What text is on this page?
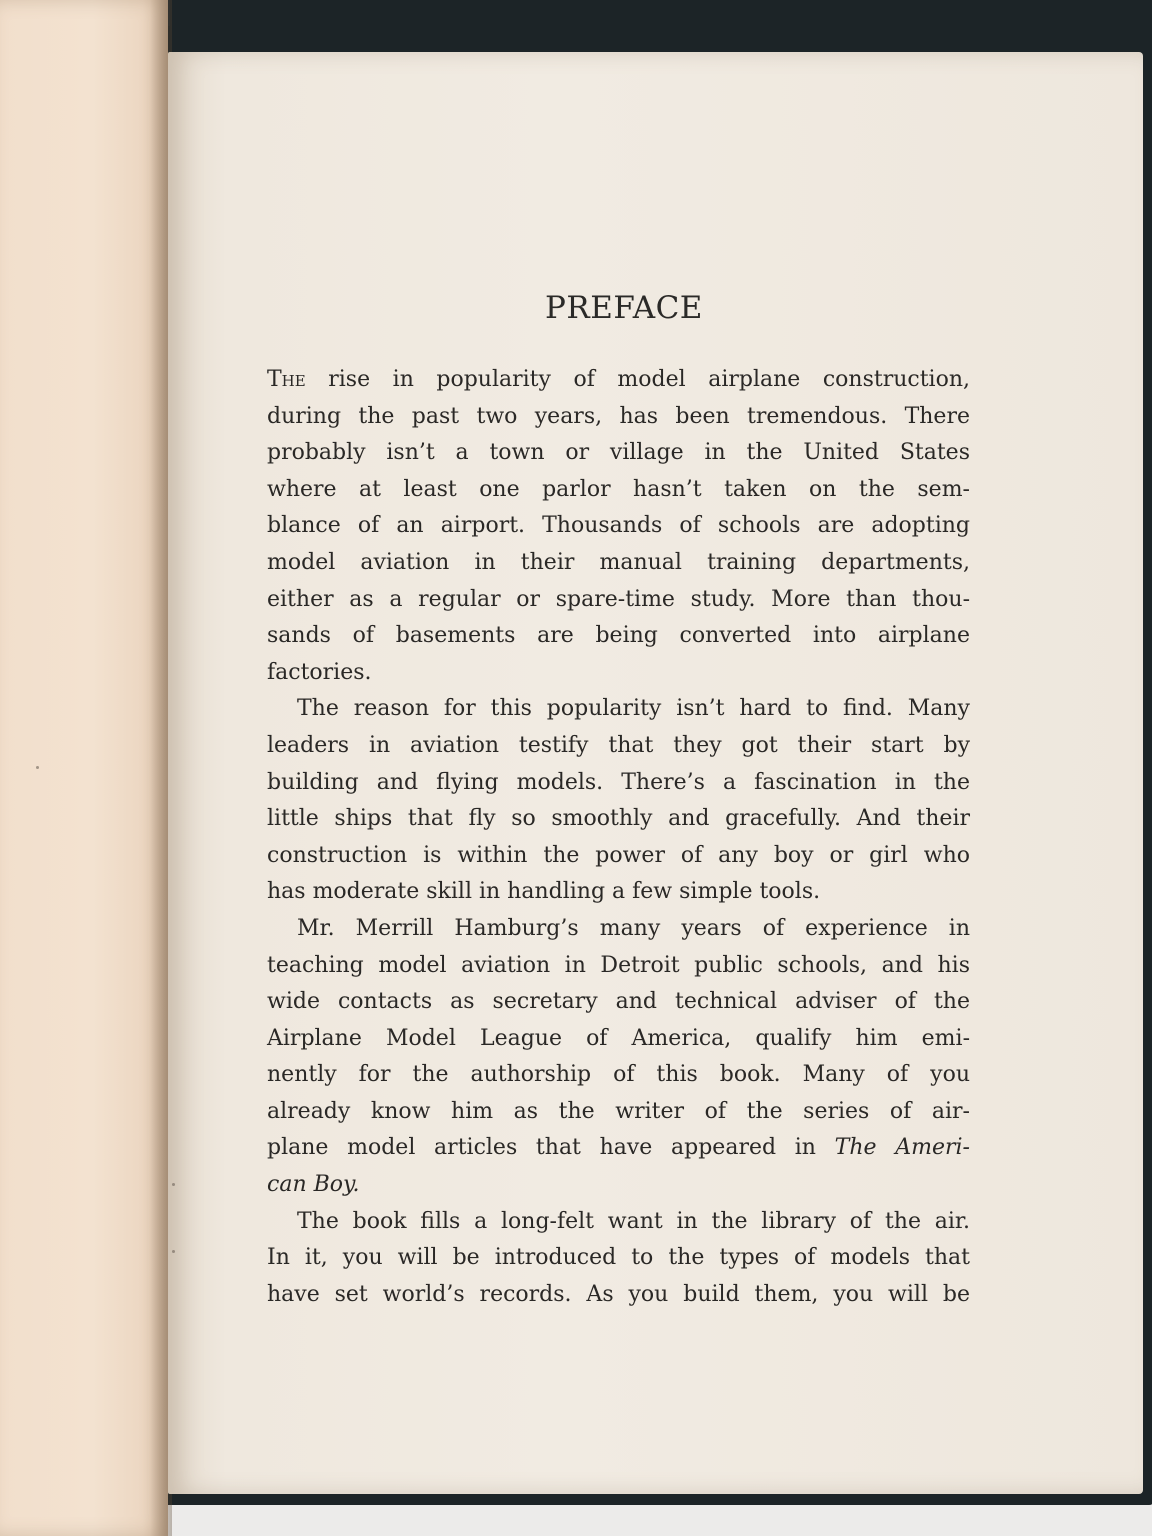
PREFACE

The rise in popularity of model airplane construction,
during the past two years, has been tremendous. There
probably isn’t a town or village in the United States
where at least one parlor hasn’t taken on the sem-
blance of an airport. Thousands of schools are adopting
model aviation in their manual training departments,
either as a regular or spare-time study. More than thou-
sands of basements are being converted into airplane
factories.

The reason for this popularity isn’t hard to find. Many
leaders in aviation testify that they got their start by
building and flying models. There’s a fascination in the
little ships that fly so smoothly and gracefully. And their
construction is within the power of any boy or girl who
has moderate skill in handling a few simple tools.

Mr. Merrill Hamburg’s many years of experience in
teaching model aviation in Detroit public schools, and his
wide contacts as secretary and technical adviser of the
Airplane Model League of America, qualify him emi-
nently for the authorship of this book. Many of you
already know him as the writer of the series of air-
plane model articles that have appeared in The Ameri-
can Boy.

The book fills a long-felt want in the library of the air.
In it, you will be introduced to the types of models that
have set world’s records. As you build them, you will be
